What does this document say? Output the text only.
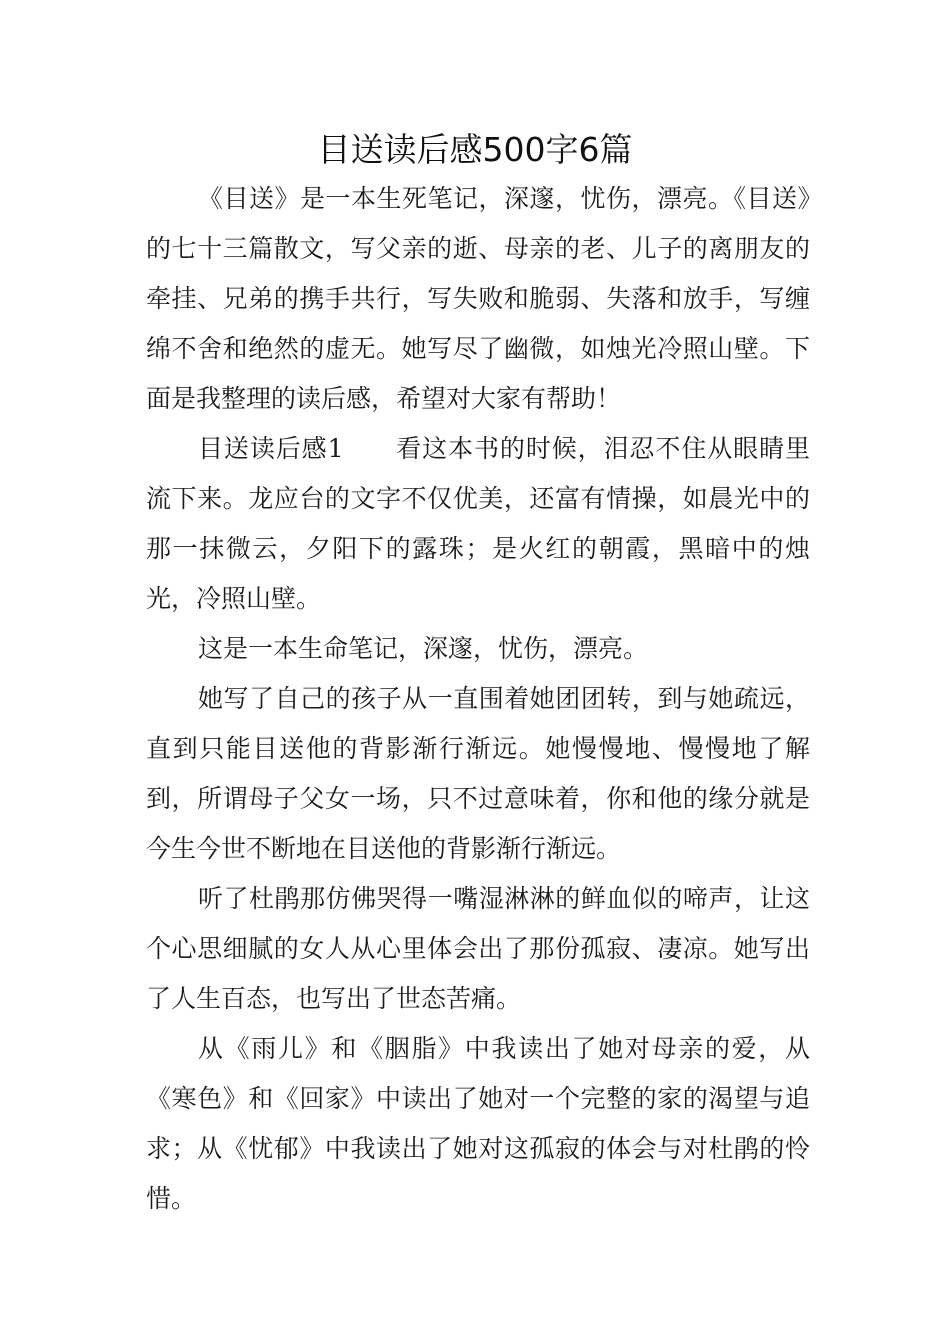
目送读后感500字6篇

《目送》是一本生死笔记，深邃，忧伤，漂亮。《目送》的七十三篇散文，写父亲的逝、母亲的老、儿子的离朋友的牵挂、兄弟的携手共行，写失败和脆弱、失落和放手，写缠绵不舍和绝然的虚无。她写尽了幽微，如烛光冷照山壁。下面是我整理的读后感，希望对大家有帮助！

目送读后感1　　看这本书的时候，泪忍不住从眼睛里流下来。龙应台的文字不仅优美，还富有情操，如晨光中的那一抹微云，夕阳下的露珠；是火红的朝霞，黑暗中的烛光，冷照山壁。

这是一本生命笔记，深邃，忧伤，漂亮。

她写了自己的孩子从一直围着她团团转，到与她疏远，直到只能目送他的背影渐行渐远。她慢慢地、慢慢地了解到，所谓母子父女一场，只不过意味着，你和他的缘分就是今生今世不断地在目送他的背影渐行渐远。

听了杜鹃那仿佛哭得一嘴湿淋淋的鲜血似的啼声，让这个心思细腻的女人从心里体会出了那份孤寂、凄凉。她写出了人生百态，也写出了世态苦痛。

从《雨儿》和《胭脂》中我读出了她对母亲的爱，从《寒色》和《回家》中读出了她对一个完整的家的渴望与追求；从《忧郁》中我读出了她对这孤寂的体会与对杜鹃的怜惜。
